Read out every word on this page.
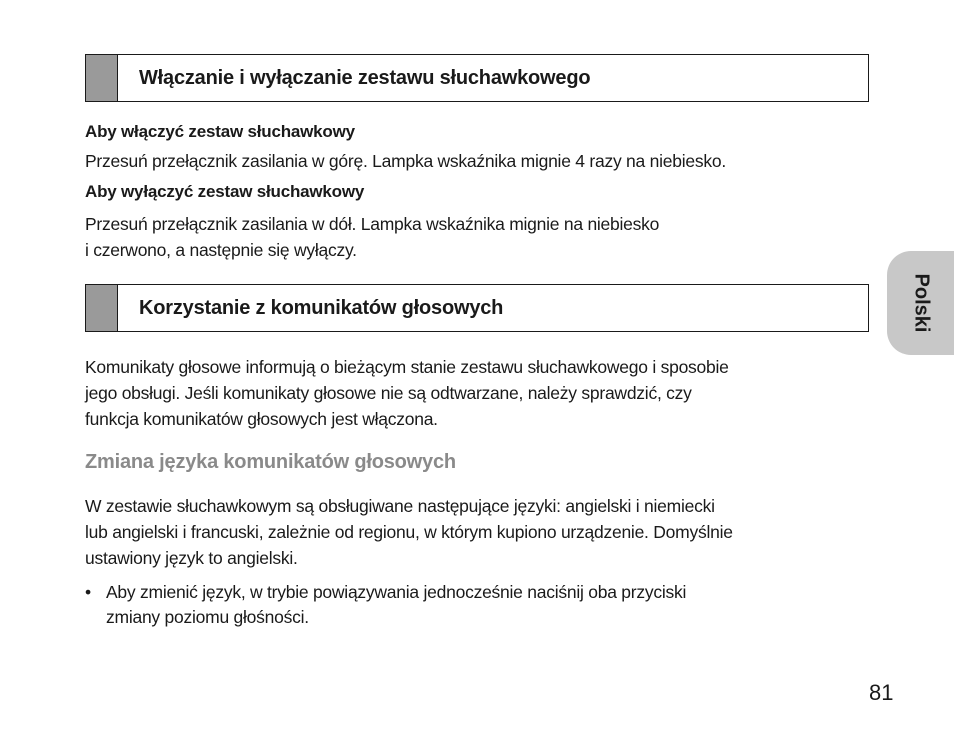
Włączanie i wyłączanie zestawu słuchawkowego

Aby włączyć zestaw słuchawkowy

Przesuń przełącznik zasilania w górę. Lampka wskaźnika mignie 4 razy na niebiesko.

Aby wyłączyć zestaw słuchawkowy

Przesuń przełącznik zasilania w dół. Lampka wskaźnika mignie na niebiesko
i czerwono, a następnie się wyłączy.

Korzystanie z komunikatów głosowych

Komunikaty głosowe informują o bieżącym stanie zestawu słuchawkowego i sposobie
jego obsługi. Jeśli komunikaty głosowe nie są odtwarzane, należy sprawdzić, czy
funkcja komunikatów głosowych jest włączona.

Zmiana języka komunikatów głosowych

W zestawie słuchawkowym są obsługiwane następujące języki: angielski i niemiecki
lub angielski i francuski, zależnie od regionu, w którym kupiono urządzenie. Domyślnie
ustawiony język to angielski.

• Aby zmienić język, w trybie powiązywania jednocześnie naciśnij oba przyciski
zmiany poziomu głośności.
Polski
81
